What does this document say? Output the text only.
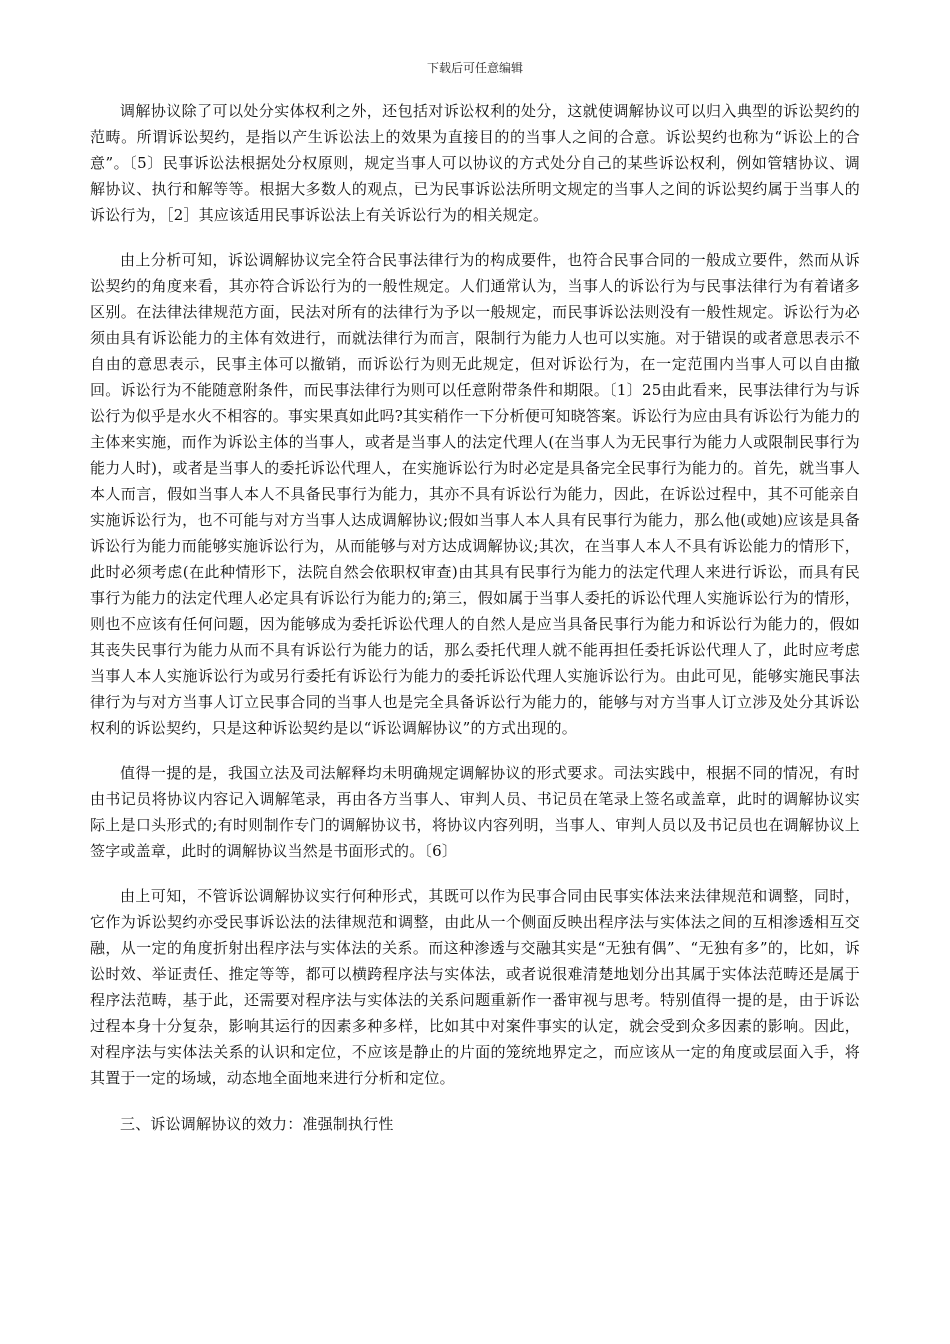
下载后可任意编辑

调解协议除了可以处分实体权利之外，还包括对诉讼权利的处分，这就使调解协议可以归入典型的诉讼契约的范畴。所谓诉讼契约，是指以产生诉讼法上的效果为直接目的的当事人之间的合意。诉讼契约也称为“诉讼上的合意”。〔5〕民事诉讼法根据处分权原则，规定当事人可以协议的方式处分自己的某些诉讼权利，例如管辖协议、调解协议、执行和解等等。根据大多数人的观点，已为民事诉讼法所明文规定的当事人之间的诉讼契约属于当事人的诉讼行为，［2］其应该适用民事诉讼法上有关诉讼行为的相关规定。

由上分析可知，诉讼调解协议完全符合民事法律行为的构成要件，也符合民事合同的一般成立要件，然而从诉讼契约的角度来看，其亦符合诉讼行为的一般性规定。人们通常认为，当事人的诉讼行为与民事法律行为有着诸多区别。在法律法律规范方面，民法对所有的法律行为予以一般规定，而民事诉讼法则没有一般性规定。诉讼行为必须由具有诉讼能力的主体有效进行，而就法律行为而言，限制行为能力人也可以实施。对于错误的或者意思表示不自由的意思表示，民事主体可以撤销，而诉讼行为则无此规定，但对诉讼行为，在一定范围内当事人可以自由撤回。诉讼行为不能随意附条件，而民事法律行为则可以任意附带条件和期限。〔1〕25由此看来，民事法律行为与诉讼行为似乎是水火不相容的。事实果真如此吗?其实稍作一下分析便可知晓答案。诉讼行为应由具有诉讼行为能力的主体来实施，而作为诉讼主体的当事人，或者是当事人的法定代理人(在当事人为无民事行为能力人或限制民事行为能力人时)，或者是当事人的委托诉讼代理人，在实施诉讼行为时必定是具备完全民事行为能力的。首先，就当事人本人而言，假如当事人本人不具备民事行为能力，其亦不具有诉讼行为能力，因此，在诉讼过程中，其不可能亲自实施诉讼行为，也不可能与对方当事人达成调解协议;假如当事人本人具有民事行为能力，那么他(或她)应该是具备诉讼行为能力而能够实施诉讼行为，从而能够与对方达成调解协议;其次，在当事人本人不具有诉讼能力的情形下，此时必须考虑(在此种情形下，法院自然会依职权审查)由其具有民事行为能力的法定代理人来进行诉讼，而具有民事行为能力的法定代理人必定具有诉讼行为能力的;第三，假如属于当事人委托的诉讼代理人实施诉讼行为的情形，则也不应该有任何问题，因为能够成为委托诉讼代理人的自然人是应当具备民事行为能力和诉讼行为能力的，假如其丧失民事行为能力从而不具有诉讼行为能力的话，那么委托代理人就不能再担任委托诉讼代理人了，此时应考虑当事人本人实施诉讼行为或另行委托有诉讼行为能力的委托诉讼代理人实施诉讼行为。由此可见，能够实施民事法律行为与对方当事人订立民事合同的当事人也是完全具备诉讼行为能力的，能够与对方当事人订立涉及处分其诉讼权利的诉讼契约，只是这种诉讼契约是以“诉讼调解协议”的方式出现的。

值得一提的是，我国立法及司法解释均未明确规定调解协议的形式要求。司法实践中，根据不同的情况，有时由书记员将协议内容记入调解笔录，再由各方当事人、审判人员、书记员在笔录上签名或盖章，此时的调解协议实际上是口头形式的;有时则制作专门的调解协议书，将协议内容列明，当事人、审判人员以及书记员也在调解协议上签字或盖章，此时的调解协议当然是书面形式的。〔6〕

由上可知，不管诉讼调解协议实行何种形式，其既可以作为民事合同由民事实体法来法律规范和调整，同时，它作为诉讼契约亦受民事诉讼法的法律规范和调整，由此从一个侧面反映出程序法与实体法之间的互相渗透相互交融，从一定的角度折射出程序法与实体法的关系。而这种渗透与交融其实是“无独有偶”、“无独有多”的，比如，诉讼时效、举证责任、推定等等，都可以横跨程序法与实体法，或者说很难清楚地划分出其属于实体法范畴还是属于程序法范畴，基于此，还需要对程序法与实体法的关系问题重新作一番审视与思考。特别值得一提的是，由于诉讼过程本身十分复杂，影响其运行的因素多种多样，比如其中对案件事实的认定，就会受到众多因素的影响。因此，对程序法与实体法关系的认识和定位，不应该是静止的片面的笼统地界定之，而应该从一定的角度或层面入手，将其置于一定的场域，动态地全面地来进行分析和定位。

三、诉讼调解协议的效力：准强制执行性
